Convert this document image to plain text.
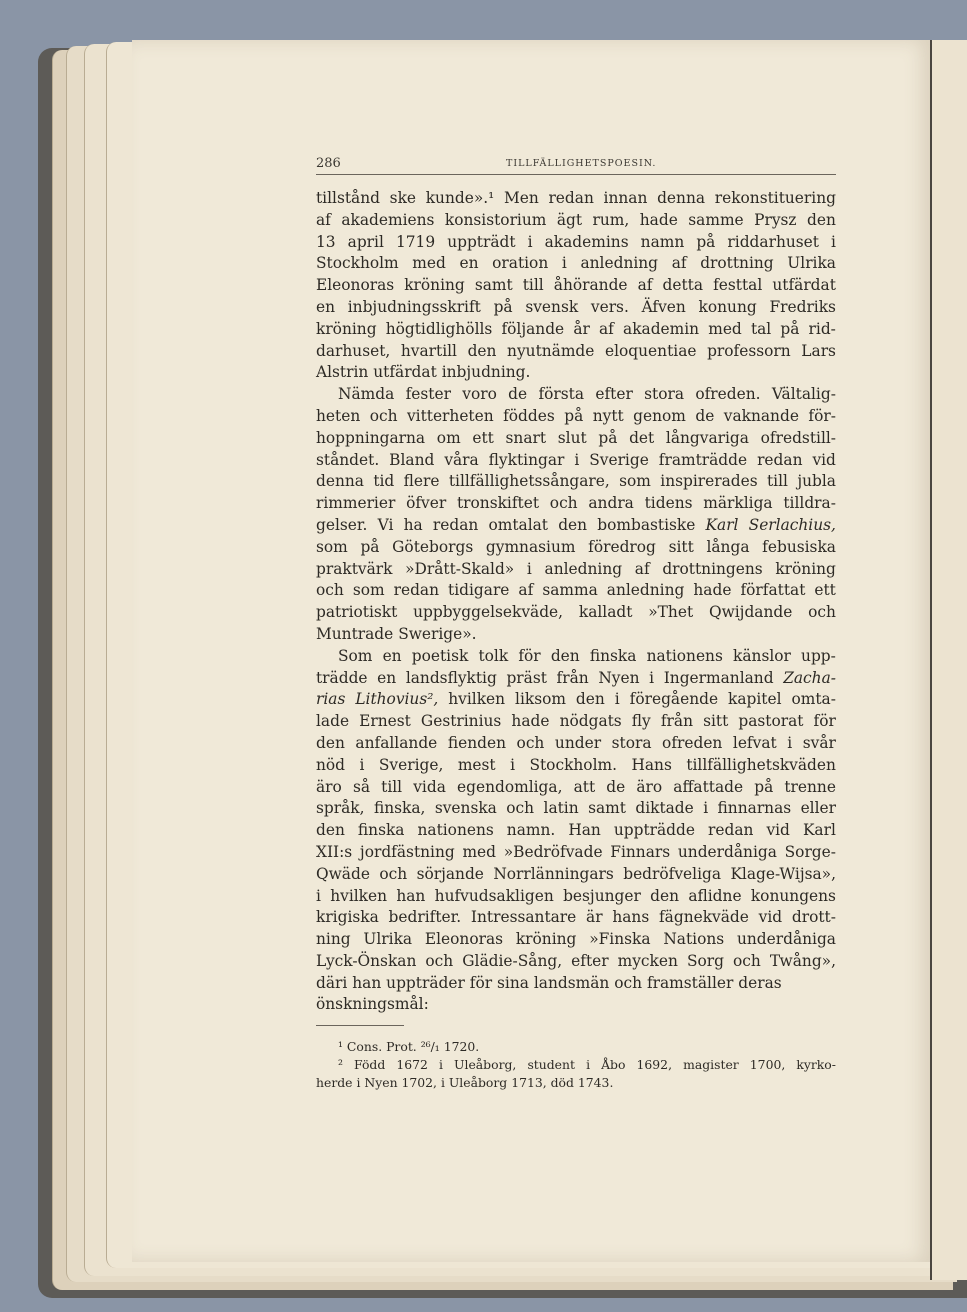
286	TILLFÄLLIGHETSPOESIN.
tillstånd ske kunde».¹ Men redan innan denna rekonstituering
af akademiens konsistorium ägt rum, hade samme Prysz den
13 april 1719 uppträdt i akademins namn på riddarhuset i
Stockholm med en oration i anledning af drottning Ulrika
Eleonoras kröning samt till åhörande af detta festtal utfärdat
en inbjudningsskrift på svensk vers. Äfven konung Fredriks
kröning högtidlighölls följande år af akademin med tal på rid-
darhuset, hvartill den nyutnämde eloquentiae professorn Lars
Alstrin utfärdat inbjudning.
Nämda fester voro de första efter stora ofreden. Vältalig-
heten och vitterheten föddes på nytt genom de vaknande för-
hoppningarna om ett snart slut på det långvariga ofredstill-
ståndet. Bland våra flyktingar i Sverige framträdde redan vid
denna tid flere tillfällighetssångare, som inspirerades till jubla
rimmerier öfver tronskiftet och andra tidens märkliga tilldra-
gelser. Vi ha redan omtalat den bombastiske Karl Serlachius,
som på Göteborgs gymnasium föredrog sitt långa febusiska
praktvärk »Drått-Skald» i anledning af drottningens kröning
och som redan tidigare af samma anledning hade författat ett
patriotiskt uppbyggelsekväde, kalladt »Thet Qwijdande och
Muntrade Swerige».
Som en poetisk tolk för den finska nationens känslor upp-
trädde en landsflyktig präst från Nyen i Ingermanland Zacha-
rias Lithovius², hvilken liksom den i föregående kapitel omta-
lade Ernest Gestrinius hade nödgats fly från sitt pastorat för
den anfallande fienden och under stora ofreden lefvat i svår
nöd i Sverige, mest i Stockholm. Hans tillfällighetskväden
äro så till vida egendomliga, att de äro affattade på trenne
språk, finska, svenska och latin samt diktade i finnarnas eller
den finska nationens namn. Han uppträdde redan vid Karl
XII:s jordfästning med »Bedröfvade Finnars underdåniga Sorge-
Qwäde och sörjande Norrlänningars bedröfveliga Klage-Wijsa»,
i hvilken han hufvudsakligen besjunger den aflidne konungens
krigiska bedrifter. Intressantare är hans fägnekväde vid drott-
ning Ulrika Eleonoras kröning »Finska Nations underdåniga
Lyck-Önskan och Glädie-Sång, efter mycken Sorg och Twång»,
däri han uppträder för sina landsmän och framställer deras
önskningsmål:
¹ Cons. Prot. ²⁶/₁ 1720.
² Född 1672 i Uleåborg, student i Åbo 1692, magister 1700, kyrko-
herde i Nyen 1702, i Uleåborg 1713, död 1743.
